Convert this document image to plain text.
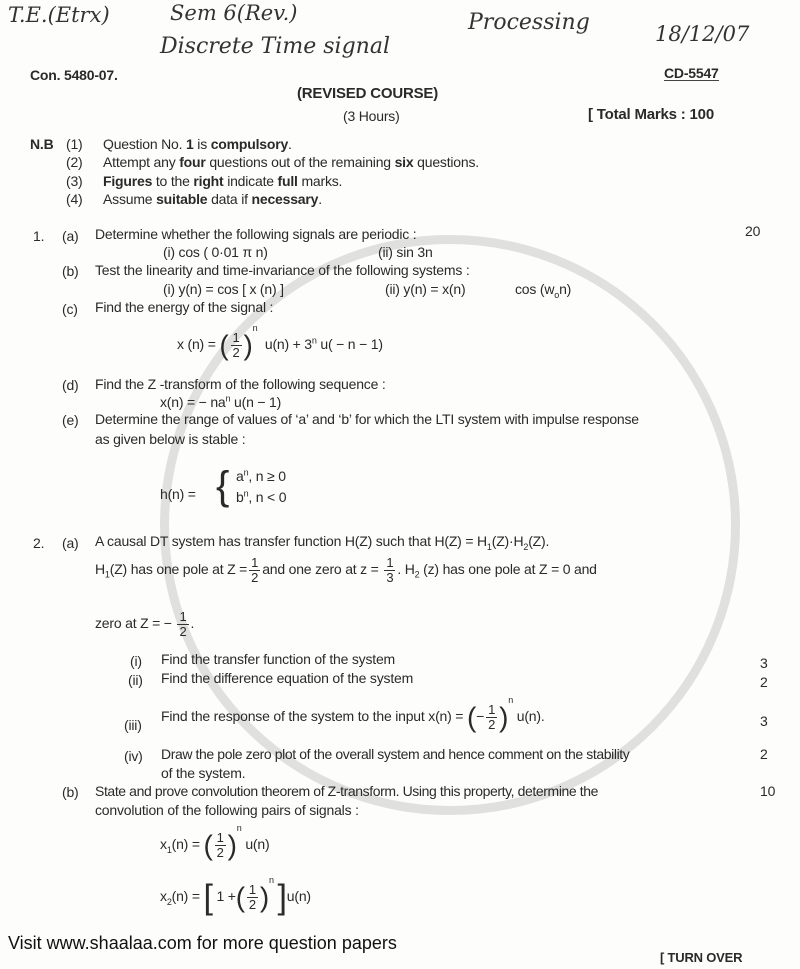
T.E.(Etrx)	Sem 6(Rev.)
Discrete Time signal
Processing	18/12/07
Con. 5480-07.	CD-5547
(REVISED COURSE)
(3 Hours)	[ Total Marks : 100
N.B (1) Question No. 1 is compulsory.
(2) Attempt any four questions out of the remaining six questions.
(3) Figures to the right indicate full marks.
(4) Assume suitable data if necessary.
1.	20
(a) Determine whether the following signals are periodic :
(i) cos ( 0·01 π n)	(ii) sin 3n
(b) Test the linearity and time-invariance of the following systems :
(i) y(n) = cos [ x (n) ]	(ii) y(n) = x(n)	$\cos (w_on)$
(c) Find the energy of the signal :
x (n) = ( $\frac{1}{2} )^n$  $u(n) + 3^n$ u( − n − 1)
(d) Find the Z -transform of the following sequence :
x(n) = − $na^n$ u(n − 1)
(e) Determine the range of values of ‘a’ and ‘b’ for which the LTI system with impulse response
as given below is stable :
h(n) = { $a^n$, n ≥ 0
$b^n$, n < 0
2. (a) A causal DT system has transfer function H(Z) such that $H(Z) = H_1(Z)\cdot H_2(Z)$.
$H_1(Z)$ has one pole at $Z = \frac{1}{2}$ and one zero at $z = \frac{1}{3}$ . $H_2$ (z) has one pole at Z = 0 and
zero at Z = − $\frac{1}{2}$ .
(i) Find the transfer function of the system	3
(ii) Find the difference equation of the system	2
(iii)
Find the response of the system to the input x(n) = (− $\frac{1}{2} )^n$ u(n).	3
(iv) Draw the pole zero plot of the overall system and hence comment on the stability
of the system.
2
(b) State and prove convolution theorem of Z-transform. Using this property, determine the
convolution of the following pairs of signals :
10
$x_1(n)$ = ( $\frac{1}{2} )^n$ u(n)
$x_2(n)$ = [ 1 +( $\frac{1}{2} )^n$ ]u(n)
Visit www.shaalaa.com for more question papers
[ TURN OVER
